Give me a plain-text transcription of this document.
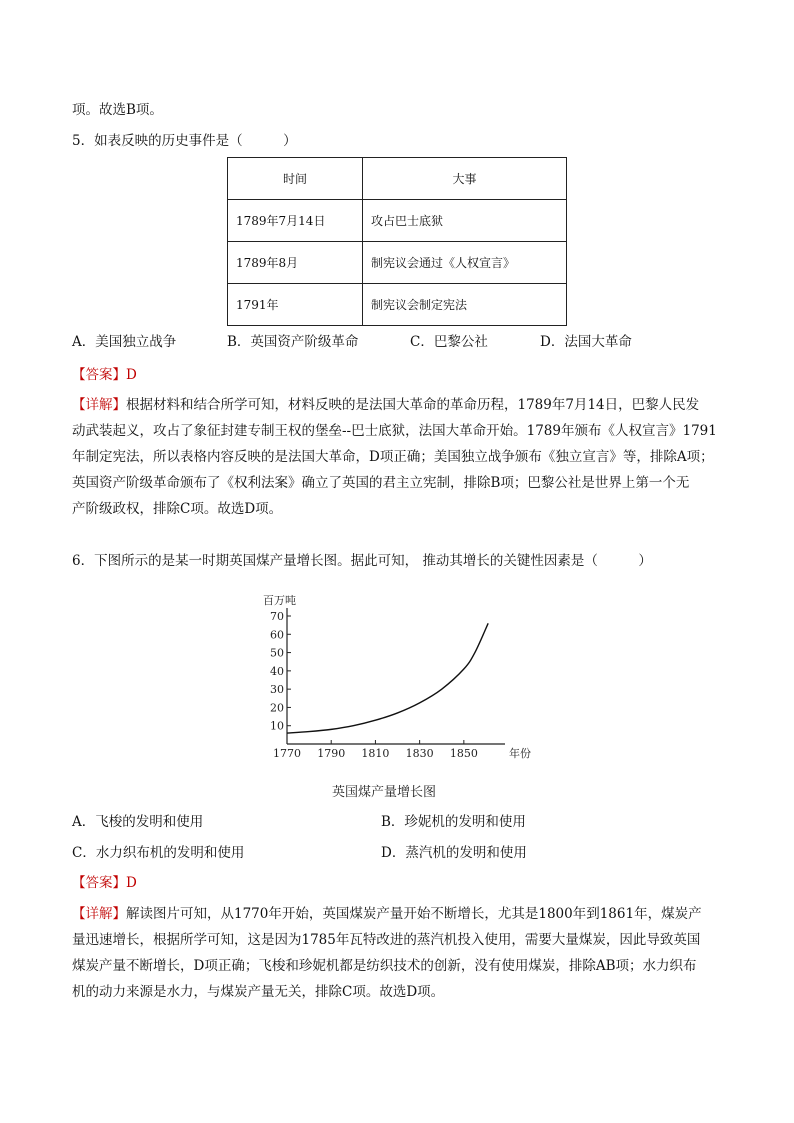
项。故选B项。
5．如表反映的历史事件是（　　　）
时间	大事
1789年7月14日	攻占巴士底狱
1789年8月	制宪议会通过《人权宣言》
1791年	制宪议会制定宪法
A．美国独立战争	B．英国资产阶级革命	C．巴黎公社	D．法国大革命
【答案】D
【详解】根据材料和结合所学可知，材料反映的是法国大革命的革命历程，1789年7月14日，巴黎人民发
动武装起义，攻占了象征封建专制王权的堡垒--巴士底狱，法国大革命开始。1789年颁布《人权宣言》1791
年制定宪法，所以表格内容反映的是法国大革命，D项正确；美国独立战争颁布《独立宣言》等，排除A项；
英国资产阶级革命颁布了《权利法案》确立了英国的君主立宪制，排除B项；巴黎公社是世界上第一个无
产阶级政权，排除C项。故选D项。
6．下图所示的是某一时期英国煤产量增长图。据此可知， 推动其增长的关键性因素是（　　　）
10
20
30
40
50
60
70
1770 1790 1810 1830 1850
百万吨
年份
英国煤产量增长图
A．飞梭的发明和使用	B．珍妮机的发明和使用
C．水力织布机的发明和使用	D．蒸汽机的发明和使用
【答案】D
【详解】解读图片可知，从1770年开始，英国煤炭产量开始不断增长，尤其是1800年到1861年，煤炭产
量迅速增长，根据所学可知，这是因为1785年瓦特改进的蒸汽机投入使用，需要大量煤炭，因此导致英国
煤炭产量不断增长，D项正确；飞梭和珍妮机都是纺织技术的创新，没有使用煤炭，排除AB项；水力织布
机的动力来源是水力，与煤炭产量无关，排除C项。故选D项。
